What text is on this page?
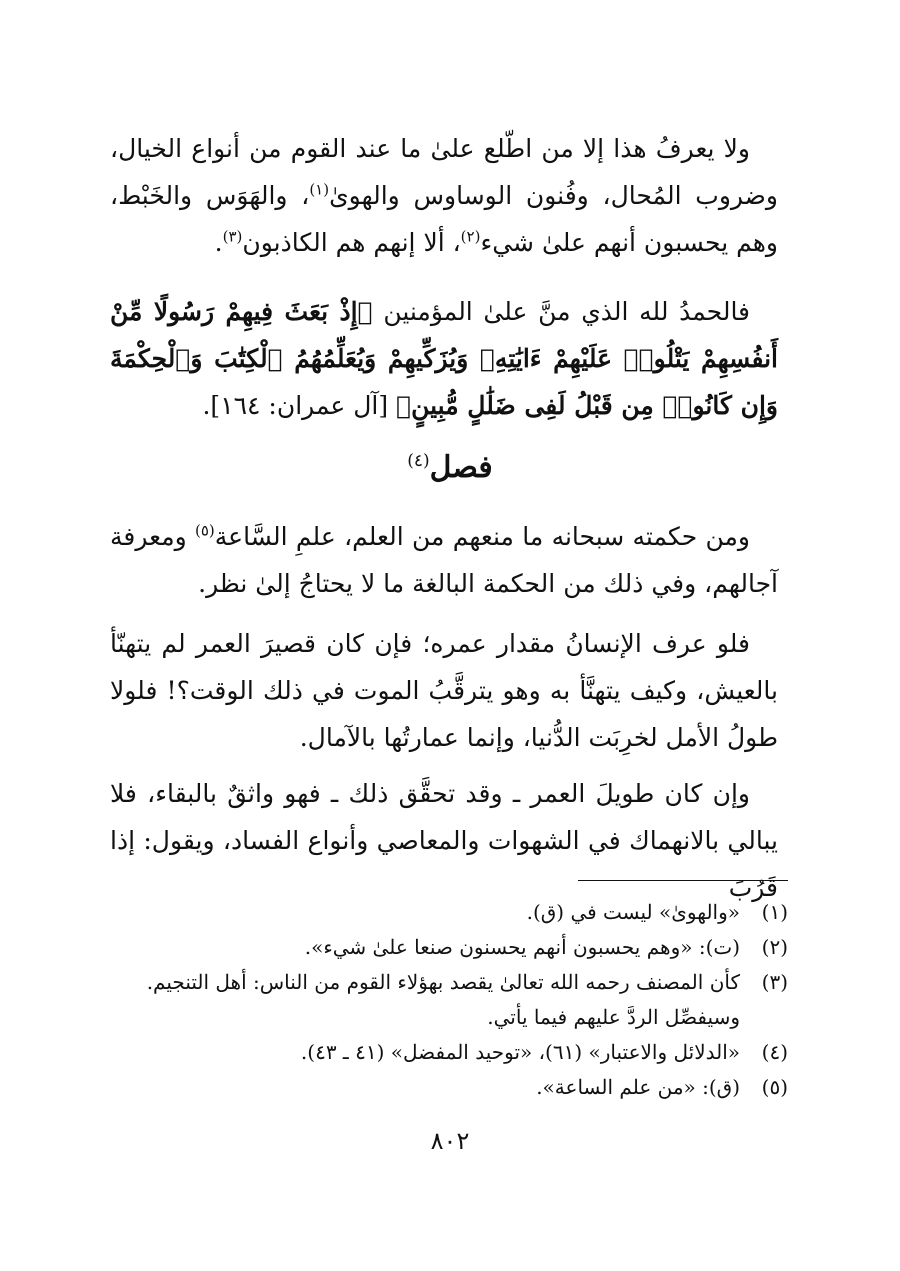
ولا يعرفُ هذا إلا من اطّلع علىٰ ما عند القوم من أنواع الخيال، وضروب المُحال، وفُنون الوساوس والهوىٰ$^{(١)}$، والهَوَس والخَبْط، وهم يحسبون أنهم علىٰ شيء$^{(٢)}$، ألا إنهم هم الكاذبون$^{(٣)}$.

فالحمدُ لله الذي منَّ علىٰ المؤمنين ﴿إِذْ بَعَثَ فِيهِمْ رَسُولًا مِّنْ أَنفُسِهِمْ يَتْلُوا۟ عَلَيْهِمْ ءَايَٰتِهِۦ وَيُزَكِّيهِمْ وَيُعَلِّمُهُمُ ٱلْكِتَٰبَ وَٱلْحِكْمَةَ وَإِن كَانُوا۟ مِن قَبْلُ لَفِى ضَلَٰلٍ مُّبِينٍ﴾ [آل عمران: ١٦٤].

فصل$^{(٤)}$

ومن حكمته سبحانه ما منعهم من العلم، علمِ السَّاعة$^{(٥)}$ ومعرفة آجالهم، وفي ذلك من الحكمة البالغة ما لا يحتاجُ إلىٰ نظر.

فلو عرف الإنسانُ مقدار عمره؛ فإن كان قصيرَ العمر لم يتهنّأ بالعيش، وكيف يتهنَّأ به وهو يترقَّبُ الموت في ذلك الوقت؟! فلولا طولُ الأمل لخرِبَت الدُّنيا، وإنما عمارتُها بالآمال.

وإن كان طويلَ العمر ـ وقد تحقَّق ذلك ـ فهو واثقٌ بالبقاء، فلا يبالي بالانهماك في الشهوات والمعاصي وأنواع الفساد، ويقول: إذا قَرُبَ

(١)
«والهوىٰ» ليست في (ق).
(٢)
(ت): «وهم يحسبون أنهم يحسنون صنعا علىٰ شيء».
(٣)
كأن المصنف رحمه الله تعالىٰ يقصد بهؤلاء القوم من الناس: أهل التنجيم. وسيفصِّل الردَّ عليهم فيما يأتي.
(٤)
«الدلائل والاعتبار» (٦١)، «توحيد المفضل» (٤١ ـ ٤٣).
(٥)
(ق): «من علم الساعة».
٨٠٢
